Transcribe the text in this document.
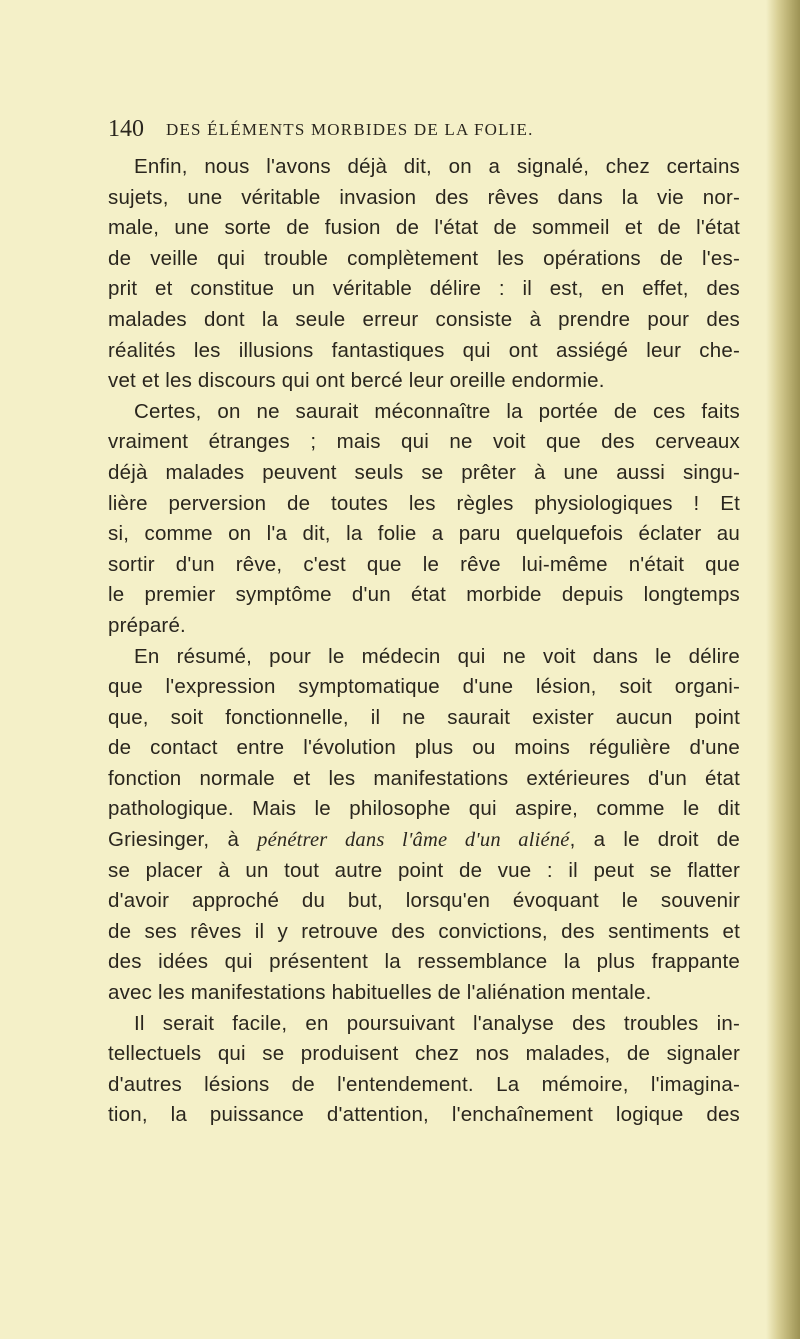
140 DES ÉLÉMENTS MORBIDES DE LA FOLIE.
Enfin, nous l'avons déjà dit, on a signalé, chez certains
sujets, une véritable invasion des rêves dans la vie nor-
male, une sorte de fusion de l'état de sommeil et de l'état
de veille qui trouble complètement les opérations de l'es-
prit et constitue un véritable délire : il est, en effet, des
malades dont la seule erreur consiste à prendre pour des
réalités les illusions fantastiques qui ont assiégé leur che-
vet et les discours qui ont bercé leur oreille endormie.
Certes, on ne saurait méconnaître la portée de ces faits
vraiment étranges ; mais qui ne voit que des cerveaux
déjà malades peuvent seuls se prêter à une aussi singu-
lière perversion de toutes les règles physiologiques ! Et
si, comme on l'a dit, la folie a paru quelquefois éclater au
sortir d'un rêve, c'est que le rêve lui-même n'était que
le premier symptôme d'un état morbide depuis longtemps
préparé.
En résumé, pour le médecin qui ne voit dans le délire
que l'expression symptomatique d'une lésion, soit organi-
que, soit fonctionnelle, il ne saurait exister aucun point
de contact entre l'évolution plus ou moins régulière d'une
fonction normale et les manifestations extérieures d'un état
pathologique. Mais le philosophe qui aspire, comme le dit
Griesinger, à pénétrer dans l'âme d'un aliéné, a le droit de
se placer à un tout autre point de vue : il peut se flatter
d'avoir approché du but, lorsqu'en évoquant le souvenir
de ses rêves il y retrouve des convictions, des sentiments et
des idées qui présentent la ressemblance la plus frappante
avec les manifestations habituelles de l'aliénation mentale.
Il serait facile, en poursuivant l'analyse des troubles in-
tellectuels qui se produisent chez nos malades, de signaler
d'autres lésions de l'entendement. La mémoire, l'imagina-
tion, la puissance d'attention, l'enchaînement logique des
